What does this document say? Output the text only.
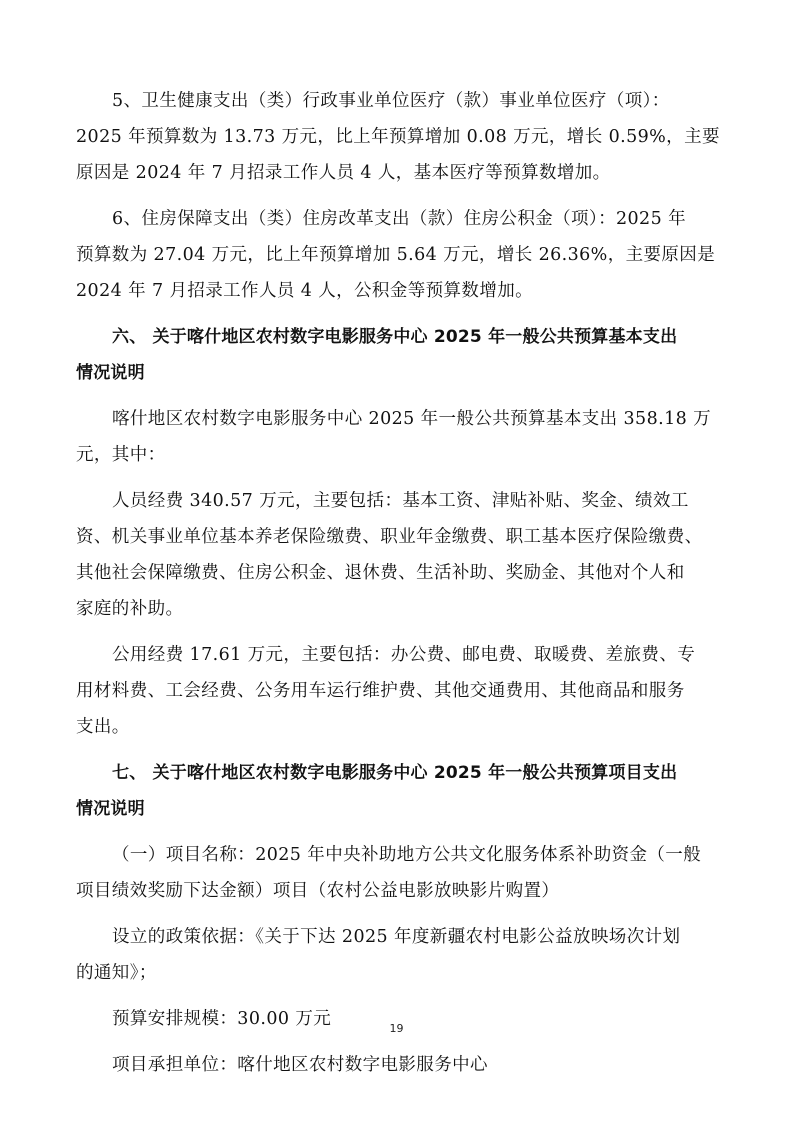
5、卫生健康支出（类）行政事业单位医疗（款）事业单位医疗（项）：

2025 年预算数为 13.73 万元，比上年预算增加 0.08 万元，增长 0.59%，主要

原因是 2024 年 7 月招录工作人员 4 人，基本医疗等预算数增加。

6、住房保障支出（类）住房改革支出（款）住房公积金（项）：2025 年

预算数为 27.04 万元，比上年预算增加 5.64 万元，增长 26.36%，主要原因是

2024 年 7 月招录工作人员 4 人，公积金等预算数增加。

六、 关于喀什地区农村数字电影服务中心 2025 年一般公共预算基本支出

情况说明

喀什地区农村数字电影服务中心 2025 年一般公共预算基本支出 358.18 万

元，其中：

人员经费 340.57 万元，主要包括：基本工资、津贴补贴、奖金、绩效工

资、机关事业单位基本养老保险缴费、职业年金缴费、职工基本医疗保险缴费、

其他社会保障缴费、住房公积金、退休费、生活补助、奖励金、其他对个人和

家庭的补助。

公用经费 17.61 万元，主要包括：办公费、邮电费、取暖费、差旅费、专

用材料费、工会经费、公务用车运行维护费、其他交通费用、其他商品和服务

支出。

七、 关于喀什地区农村数字电影服务中心 2025 年一般公共预算项目支出

情况说明

（一）项目名称：2025 年中央补助地方公共文化服务体系补助资金（一般

项目绩效奖励下达金额）项目（农村公益电影放映影片购置）

设立的政策依据：《关于下达 2025 年度新疆农村电影公益放映场次计划

的通知》；

预算安排规模：30.00 万元

项目承担单位：喀什地区农村数字电影服务中心

19
